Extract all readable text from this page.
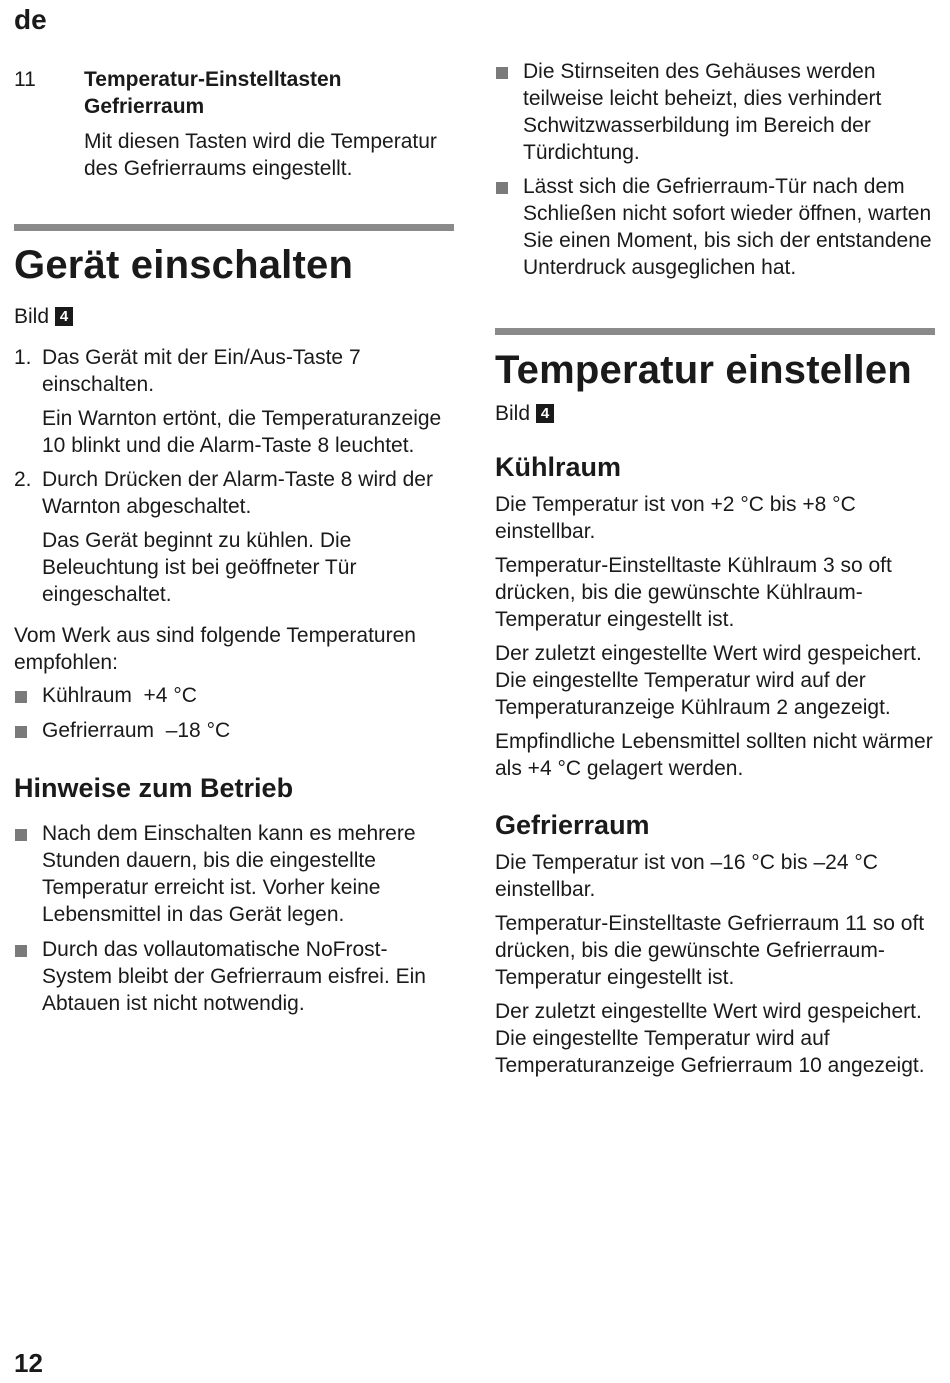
de
11 Temperatur-Einstelltasten Gefrierraum

Mit diesen Tasten wird die Temperatur des Gefrierraums eingestellt.

Gerät einschalten
Bild 4
1. Das Gerät mit der Ein/Aus-Taste 7 einschalten.

Ein Warnton ertönt, die Temperaturanzeige 10 blinkt und die Alarm-Taste 8 leuchtet.

2. Durch Drücken der Alarm-Taste 8 wird der Warnton abgeschaltet.

Das Gerät beginnt zu kühlen. Die Beleuchtung ist bei geöffneter Tür eingeschaltet.

Vom Werk aus sind folgende Temperaturen empfohlen:

Kühlraum  +4 °C

Gefrierraum  –18 °C

Hinweise zum Betrieb

Nach dem Einschalten kann es mehrere Stunden dauern, bis die eingestellte Temperatur erreicht ist. Vorher keine Lebensmittel in das Gerät legen.

Durch das vollautomatische NoFrost-System bleibt der Gefrierraum eisfrei. Ein Abtauen ist nicht notwendig.

Die Stirnseiten des Gehäuses werden teilweise leicht beheizt, dies verhindert Schwitzwasserbildung im Bereich der Türdichtung.

Lässt sich die Gefrierraum-Tür nach dem Schließen nicht sofort wieder öffnen, warten Sie einen Moment, bis sich der entstandene Unterdruck ausgeglichen hat.

Temperatur einstellen
Bild 4
Kühlraum

Die Temperatur ist von +2 °C bis +8 °C einstellbar.

Temperatur-Einstelltaste Kühlraum 3 so oft drücken, bis die gewünschte Kühlraum-Temperatur eingestellt ist.

Der zuletzt eingestellte Wert wird gespeichert. Die eingestellte Temperatur wird auf der Temperaturanzeige Kühlraum 2 angezeigt.

Empfindliche Lebensmittel sollten nicht wärmer als +4 °C gelagert werden.

Gefrierraum

Die Temperatur ist von –16 °C bis –24 °C einstellbar.

Temperatur-Einstelltaste Gefrierraum 11 so oft drücken, bis die gewünschte Gefrierraum-Temperatur eingestellt ist.

Der zuletzt eingestellte Wert wird gespeichert. Die eingestellte Temperatur wird auf Temperaturanzeige Gefrierraum 10 angezeigt.

12
